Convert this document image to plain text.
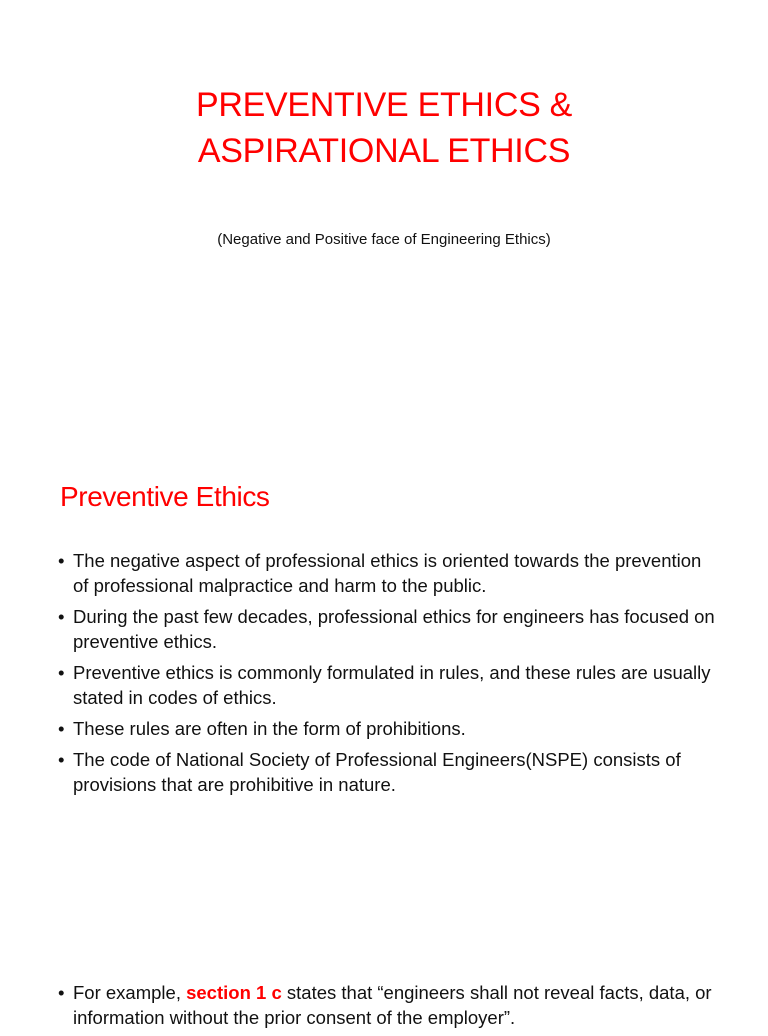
PREVENTIVE ETHICS &
ASPIRATIONAL ETHICS
(Negative and Positive face of Engineering Ethics)
Preventive Ethics
• The negative aspect of professional ethics is oriented towards the prevention of professional malpractice and harm to the public.
• During the past few decades, professional ethics for engineers has focused on preventive ethics.
• Preventive ethics is commonly formulated in rules, and these rules are usually stated in codes of ethics.
• These rules are often in the form of prohibitions.
• The code of National Society of Professional Engineers(NSPE) consists of provisions that are prohibitive in nature.
• For example, section 1 c states that “engineers shall not reveal facts, data, or information without the prior consent of the employer”.
